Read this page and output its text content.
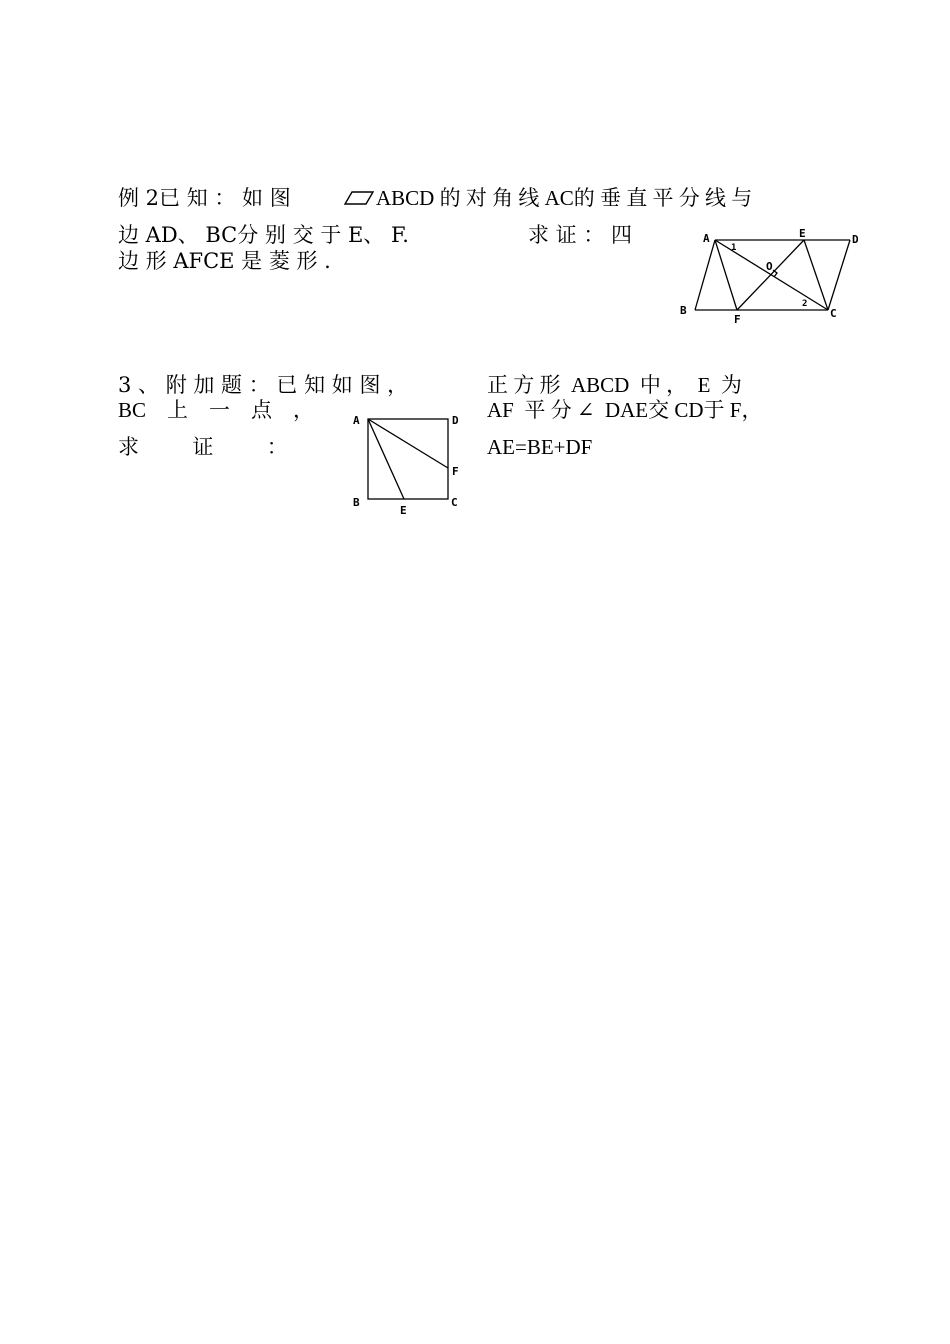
例 2已 知 ： 如 图	ABCD 的 对 角 线 AC的 垂 直 平 分 线 与
边 AD、 BC分 别 交 于 E、 F.	求 证 ： 四
边 形 AFCE 是 菱 形 .
A	E	D
B
F	C
O
1
2
3 、 附 加 题 ： 已 知 如 图 ，	正 方 形  ABCD  中 ，  E  为
BC    上    一    点    ，	AF  平 分 ∠  DAE交 CD于 F，
求        证        ：	AE=BE+DF
A	D
F
B	C
E
